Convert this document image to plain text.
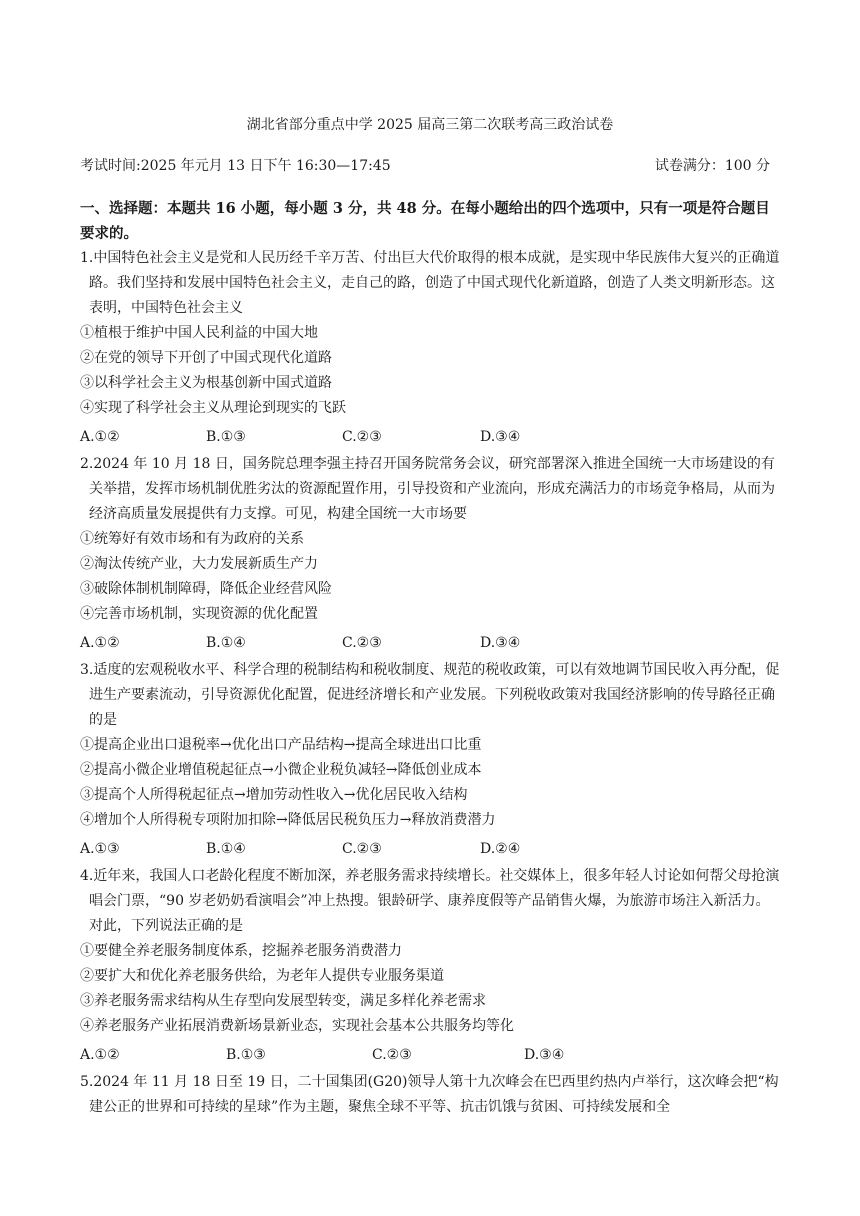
湖北省部分重点中学 2025 届高三第二次联考高三政治试卷
考试时间:2025 年元月 13 日下午 16:30—17:45	试卷满分：100 分
一、选择题：本题共 16 小题，每小题 3 分，共 48 分。在每小题给出的四个选项中，只有一项是符合题目
要求的。
1.中国特色社会主义是党和人民历经千辛万苦、付出巨大代价取得的根本成就，是实现中华民族伟大复兴的正确道路。我们坚持和发展中国特色社会主义，走自己的路，创造了中国式现代化新道路，创造了人类文明新形态。这表明，中国特色社会主义
①植根于维护中国人民利益的中国大地
②在党的领导下开创了中国式现代化道路
③以科学社会主义为根基创新中国式道路
④实现了科学社会主义从理论到现实的飞跃
A.①②	B.①③	C.②③	D.③④
2.2024 年 10 月 18 日，国务院总理李强主持召开国务院常务会议，研究部署深入推进全国统一大市场建设的有关举措，发挥市场机制优胜劣汰的资源配置作用，引导投资和产业流向，形成充满活力的市场竞争格局，从而为经济高质量发展提供有力支撑。可见，构建全国统一大市场要
①统筹好有效市场和有为政府的关系
②淘汰传统产业，大力发展新质生产力
③破除体制机制障碍，降低企业经营风险
④完善市场机制，实现资源的优化配置
A.①②	B.①④	C.②③	D.③④
3.适度的宏观税收水平、科学合理的税制结构和税收制度、规范的税收政策，可以有效地调节国民收入再分配，促进生产要素流动，引导资源优化配置，促进经济增长和产业发展。下列税收政策对我国经济影响的传导路径正确的是
①提高企业出口退税率→优化出口产品结构→提高全球进出口比重
②提高小微企业增值税起征点→小微企业税负减轻→降低创业成本
③提高个人所得税起征点→增加劳动性收入→优化居民收入结构
④增加个人所得税专项附加扣除→降低居民税负压力→释放消费潜力
A.①③	B.①④	C.②③	D.②④
4.近年来，我国人口老龄化程度不断加深，养老服务需求持续增长。社交媒体上，很多年轻人讨论如何帮父母抢演唱会门票，“90 岁老奶奶看演唱会”冲上热搜。银龄研学、康养度假等产品销售火爆，为旅游市场注入新活力。对此，下列说法正确的是
①要健全养老服务制度体系，挖掘养老服务消费潜力
②要扩大和优化养老服务供给，为老年人提供专业服务渠道
③养老服务需求结构从生存型向发展型转变，满足多样化养老需求
④养老服务产业拓展消费新场景新业态，实现社会基本公共服务均等化
A.①②	B.①③	C.②③	D.③④
5.2024 年 11 月 18 日至 19 日，二十国集团(G20)领导人第十九次峰会在巴西里约热内卢举行，这次峰会把“构建公正的世界和可持续的星球”作为主题，聚焦全球不平等、抗击饥饿与贫困、可持续发展和全
